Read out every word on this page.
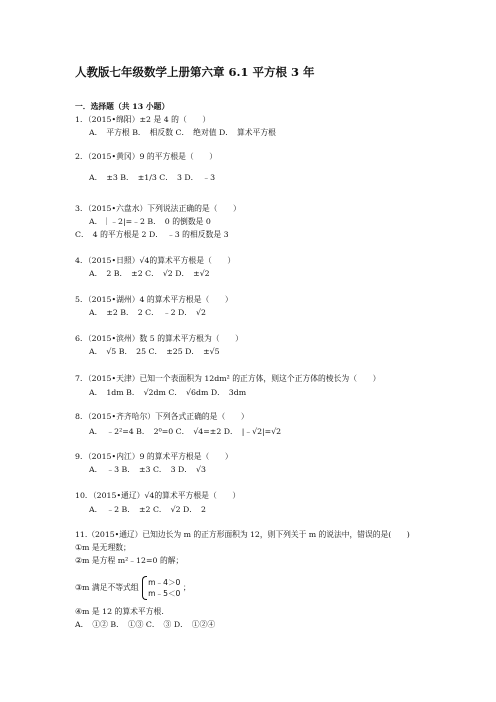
人教版七年级数学上册第六章 6.1 平方根 3 年
一．选择题（共 13 小题）
1．（2015•绵阳）±2 是 4 的（　　）
A．　平方根 B．　相反数 C．　绝对值 D．　算术平方根
2．（2015•黄冈）9 的平方根是（　　）
A．　±3 B．　±1/3 C．　3 D．　﹣3
3．（2015•六盘水）下列说法正确的是（　　）
A．｜﹣2|=﹣2 B．　0 的倒数是 0
C．　4 的平方根是 2 D．　﹣3 的相反数是 3
4．（2015•日照）√4的算术平方根是（　　）
A．　2 B．　±2 C．　√2 D．　±√2
5．（2015•湖州）4 的算术平方根是（　　）
A．　±2 B．　2 C．　﹣2 D．　√2
6．（2015•滨州）数 5 的算术平方根为（　　）
A．　√5 B．　25 C．　±25 D．　±√5
7．（2015•天津）已知一个表面积为 12dm² 的正方体，则这个正方体的棱长为（　　）
A．　1dm B．　√2dm C．　√6dm D．　3dm
8．（2015•齐齐哈尔）下列各式正确的是（　　）
A．　﹣2²=4 B．　2⁰=0 C．　√4=±2 D．　|﹣√2|=√2
9．（2015•内江）9 的算术平方根是（　　）
A．　﹣3 B．　±3 C．　3 D．　√3
10．（2015•通辽）√4的算术平方根是（　　）
A．　﹣2 B．　±2 C．　√2 D．　2
11.（2015•通辽）已知边长为 m 的正方形面积为 12，则下列关于 m 的说法中，错误的是(　　)
①m 是无理数；
②m 是方程 m²﹣12=0 的解；
③m 满足不等式组
m﹣4＞0
m﹣5＜0
；
④m 是 12 的算术平方根.
A．　①② B．　①③ C．　③ D．　①②④
